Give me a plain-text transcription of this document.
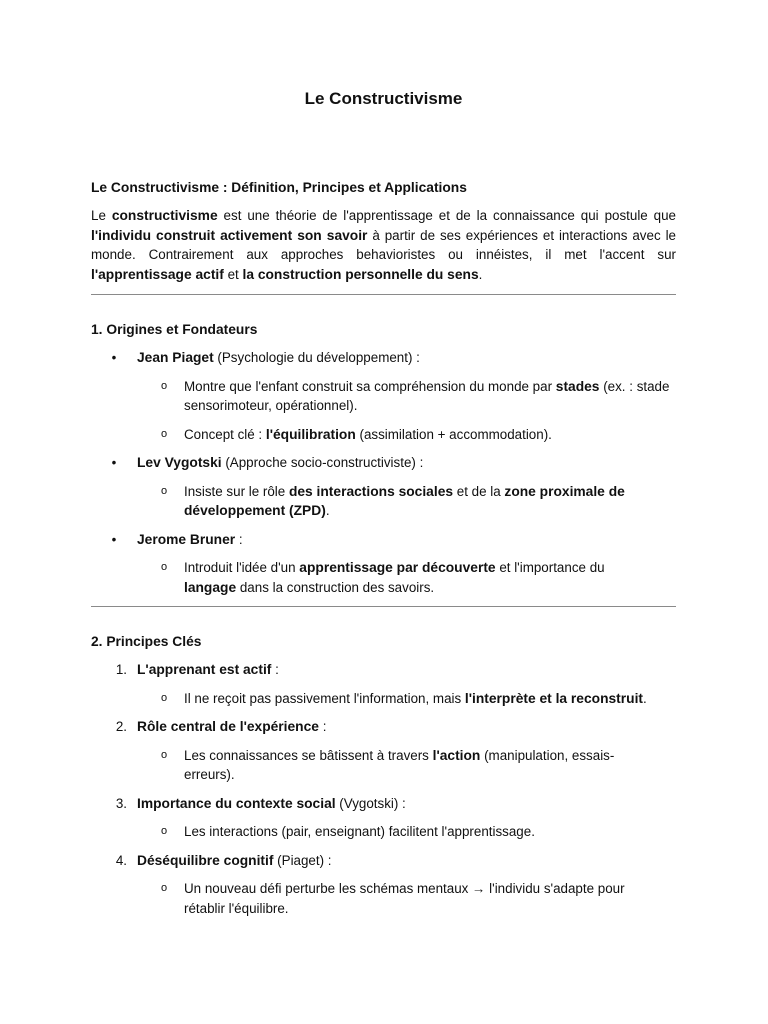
Le Constructivisme

Le Constructivisme : Définition, Principes et Applications

Le constructivisme est une théorie de l'apprentissage et de la connaissance qui postule que l'individu construit activement son savoir à partir de ses expériences et interactions avec le monde. Contrairement aux approches behavioristes ou innéistes, il met l'accent sur l'apprentissage actif et la construction personnelle du sens.

1. Origines et Fondateurs

•	Jean Piaget (Psychologie du développement) :
o Montre que l'enfant construit sa compréhension du monde par stades (ex. : stade sensorimoteur, opérationnel).
o Concept clé : l'équilibration (assimilation + accommodation).
•	Lev Vygotski (Approche socio-constructiviste) :
o Insiste sur le rôle des interactions sociales et de la zone proximale de développement (ZPD).
•	Jerome Bruner :
o Introduit l'idée d'un apprentissage par découverte et l'importance du langage dans la construction des savoirs.

2. Principes Clés

1. L'apprenant est actif :
o Il ne reçoit pas passivement l'information, mais l'interprète et la reconstruit.
2. Rôle central de l'expérience :
o Les connaissances se bâtissent à travers l'action (manipulation, essais-erreurs).
3. Importance du contexte social (Vygotski) :
o Les interactions (pair, enseignant) facilitent l'apprentissage.
4. Déséquilibre cognitif (Piaget) :
o Un nouveau défi perturbe les schémas mentaux → l'individu s'adapte pour rétablir l'équilibre.
